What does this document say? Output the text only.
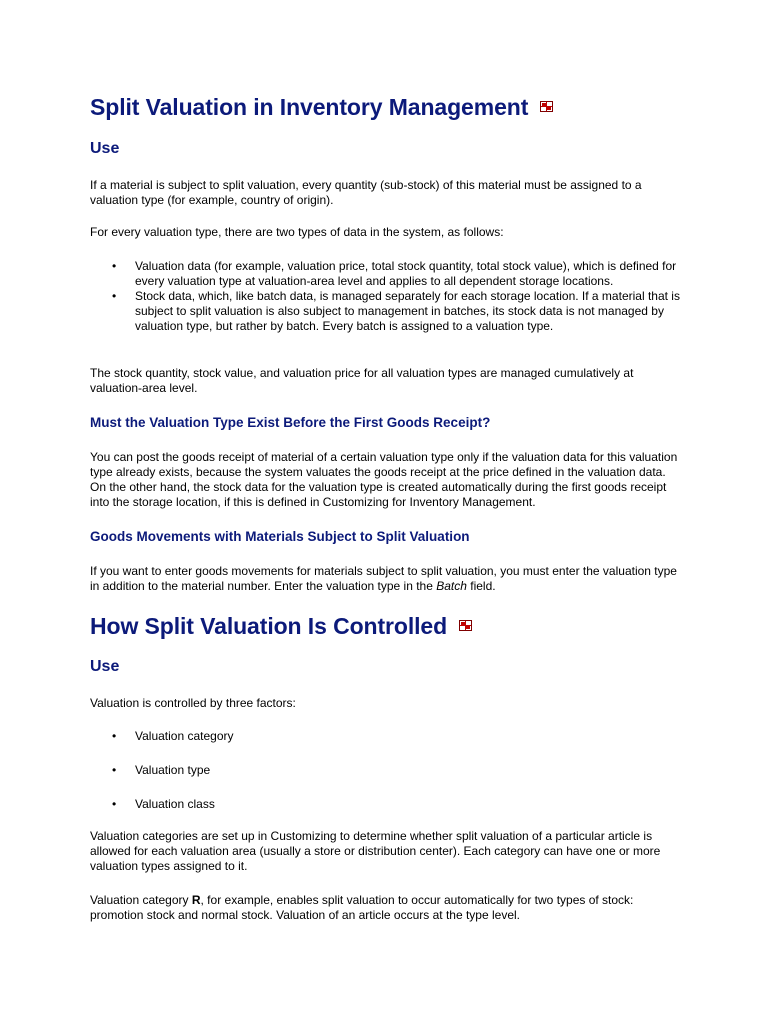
Split Valuation in Inventory Management
Use

If a material is subject to split valuation, every quantity (sub-stock) of this material must be assigned to a valuation type (for example, country of origin).

For every valuation type, there are two types of data in the system, as follows:

• Valuation data (for example, valuation price, total stock quantity, total stock value), which is defined for every valuation type at valuation-area level and applies to all dependent storage locations.
• Stock data, which, like batch data, is managed separately for each storage location. If a material that is subject to split valuation is also subject to management in batches, its stock data is not managed by valuation type, but rather by batch. Every batch is assigned to a valuation type.

The stock quantity, stock value, and valuation price for all valuation types are managed cumulatively at valuation-area level.

Must the Valuation Type Exist Before the First Goods Receipt?

You can post the goods receipt of material of a certain valuation type only if the valuation data for this valuation type already exists, because the system valuates the goods receipt at the price defined in the valuation data. On the other hand, the stock data for the valuation type is created automatically during the first goods receipt into the storage location, if this is defined in Customizing for Inventory Management.

Goods Movements with Materials Subject to Split Valuation

If you want to enter goods movements for materials subject to split valuation, you must enter the valuation type in addition to the material number. Enter the valuation type in the Batch field.

How Split Valuation Is Controlled
Use

Valuation is controlled by three factors:

• Valuation category
• Valuation type
• Valuation class

Valuation categories are set up in Customizing to determine whether split valuation of a particular article is allowed for each valuation area (usually a store or distribution center). Each category can have one or more valuation types assigned to it.

Valuation category R, for example, enables split valuation to occur automatically for two types of stock: promotion stock and normal stock. Valuation of an article occurs at the type level.
